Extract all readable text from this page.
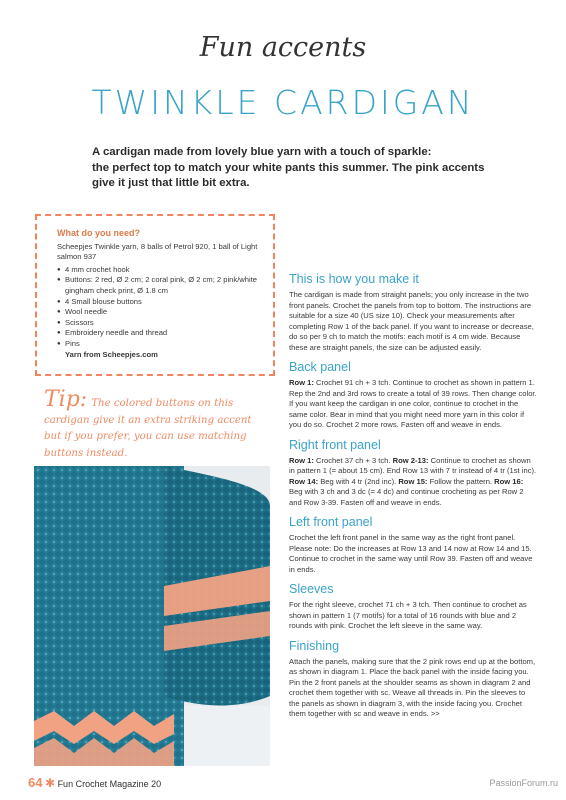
Fun accents
TWINKLE CARDIGAN

A cardigan made from lovely blue yarn with a touch of sparkle:

the perfect top to match your white pants this summer. The pink accents

give it just that little bit extra.

What do you need?
Scheepjes Twinkle yarn, 8 balls of Petrol 920, 1 ball of Light salmon 937
● 4 mm crochet hook
● Buttons: 2 red, Ø 2 cm; 2 coral pink, Ø 2 cm; 2 pink/white gingham check print, Ø 1.8 cm
● 4 Small blouse buttons
● Wool needle
● Scissors
● Embroidery needle and thread
● Pins
Yarn from Scheepjes.com
Tip: The colored buttons on this cardigan give it an extra striking accent but if you prefer, you can use matching buttons instead.
This is how you make it

The cardigan is made from straight panels; you only increase in the two front panels. Crochet the panels from top to bottom. The instructions are suitable for a size 40 (US size 10). Check your measurements after completing Row 1 of the back panel. If you want to increase or decrease, do so per 9 ch to match the motifs: each motif is 4 cm wide. Because these are straight panels, the size can be adjusted easily.

Back panel

Row 1: Crochet 91 ch + 3 tch. Continue to crochet as shown in pattern 1. Rep the 2nd and 3rd rows to create a total of 39 rows. Then change color. If you want keep the cardigan in one color, continue to crochet in the same color. Bear in mind that you might need more yarn in this color if you do so. Crochet 2 more rows. Fasten off and weave in ends.

Right front panel

Row 1: Crochet 37 ch + 3 tch. Row 2-13: Continue to crochet as shown in pattern 1 (= about 15 cm). End Row 13 with 7 tr instead of 4 tr (1st inc). Row 14: Beg with 4 tr (2nd inc). Row 15: Follow the pattern. Row 16: Beg with 3 ch and 3 dc (= 4 dc) and continue crocheting as per Row 2 and Row 3-39. Fasten off and weave in ends.

Left front panel

Crochet the left front panel in the same way as the right front panel. Please note: Do the increases at Row 13 and 14 now at Row 14 and 15. Continue to crochet in the same way until Row 39. Fasten off and weave in ends.

Sleeves

For the right sleeve, crochet 71 ch + 3 tch. Then continue to crochet as shown in pattern 1 (7 motifs) for a total of 16 rounds with blue and 2 rounds with pink. Crochet the left sleeve in the same way.

Finishing

Attach the panels, making sure that the 2 pink rows end up at the bottom, as shown in diagram 1. Place the back panel with the inside facing you. Pin the 2 front panels at the shoulder seams as shown in diagram 2 and crochet them together with sc. Weave all threads in. Pin the sleeves to the panels as shown in diagram 3, with the inside facing you. Crochet them together with sc and weave in ends. >>

64 ✱ Fun Crochet Magazine 20	PassionForum.ru
